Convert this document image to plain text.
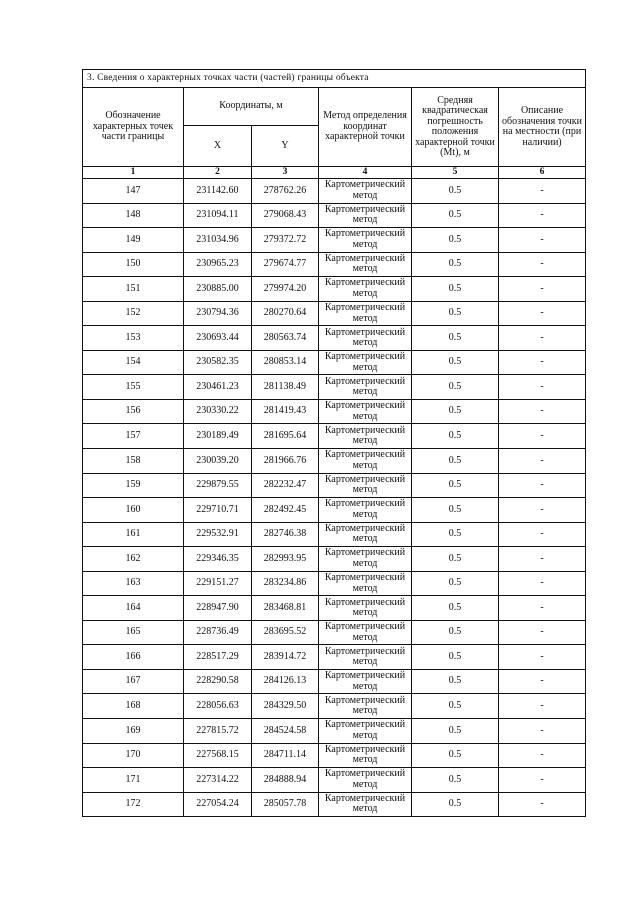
3. Сведения о характерных точках части (частей) границы объекта					
Обозначение характерных точек части границы	Координаты, м		Метод определения координат характерной точки	Средняя квадратическая погрешность положения характерной точки (Mt), м	Описание обозначения точки на местности (при наличии)
	X	Y			
1	2	3	4	5	6
147	231142.60	278762.26	Картометрический метод	0.5	-
148	231094.11	279068.43	Картометрический метод	0.5	-
149	231034.96	279372.72	Картометрический метод	0.5	-
150	230965.23	279674.77	Картометрический метод	0.5	-
151	230885.00	279974.20	Картометрический метод	0.5	-
152	230794.36	280270.64	Картометрический метод	0.5	-
153	230693.44	280563.74	Картометрический метод	0.5	-
154	230582.35	280853.14	Картометрический метод	0.5	-
155	230461.23	281138.49	Картометрический метод	0.5	-
156	230330.22	281419.43	Картометрический метод	0.5	-
157	230189.49	281695.64	Картометрический метод	0.5	-
158	230039.20	281966.76	Картометрический метод	0.5	-
159	229879.55	282232.47	Картометрический метод	0.5	-
160	229710.71	282492.45	Картометрический метод	0.5	-
161	229532.91	282746.38	Картометрический метод	0.5	-
162	229346.35	282993.95	Картометрический метод	0.5	-
163	229151.27	283234.86	Картометрический метод	0.5	-
164	228947.90	283468.81	Картометрический метод	0.5	-
165	228736.49	283695.52	Картометрический метод	0.5	-
166	228517.29	283914.72	Картометрический метод	0.5	-
167	228290.58	284126.13	Картометрический метод	0.5	-
168	228056.63	284329.50	Картометрический метод	0.5	-
169	227815.72	284524.58	Картометрический метод	0.5	-
170	227568.15	284711.14	Картометрический метод	0.5	-
171	227314.22	284888.94	Картометрический метод	0.5	-
172	227054.24	285057.78	Картометрический метод	0.5	-
